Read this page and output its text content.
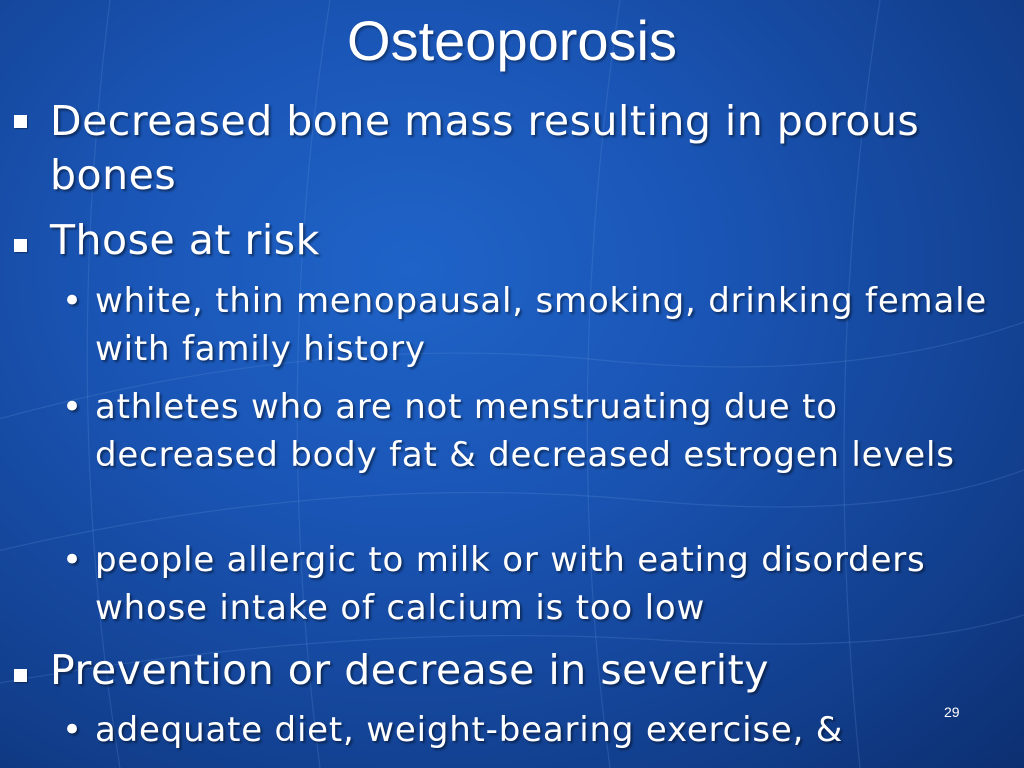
Osteoporosis
Decreased bone mass resulting in porous bones
Those at risk
• white, thin menopausal, smoking, drinking female with family history
• athletes who are not menstruating due to decreased body fat & decreased estrogen levels
• people allergic to milk or with eating disorders whose intake of calcium is too low
Prevention or decrease in severity
• adequate diet, weight-bearing exercise, &	29
